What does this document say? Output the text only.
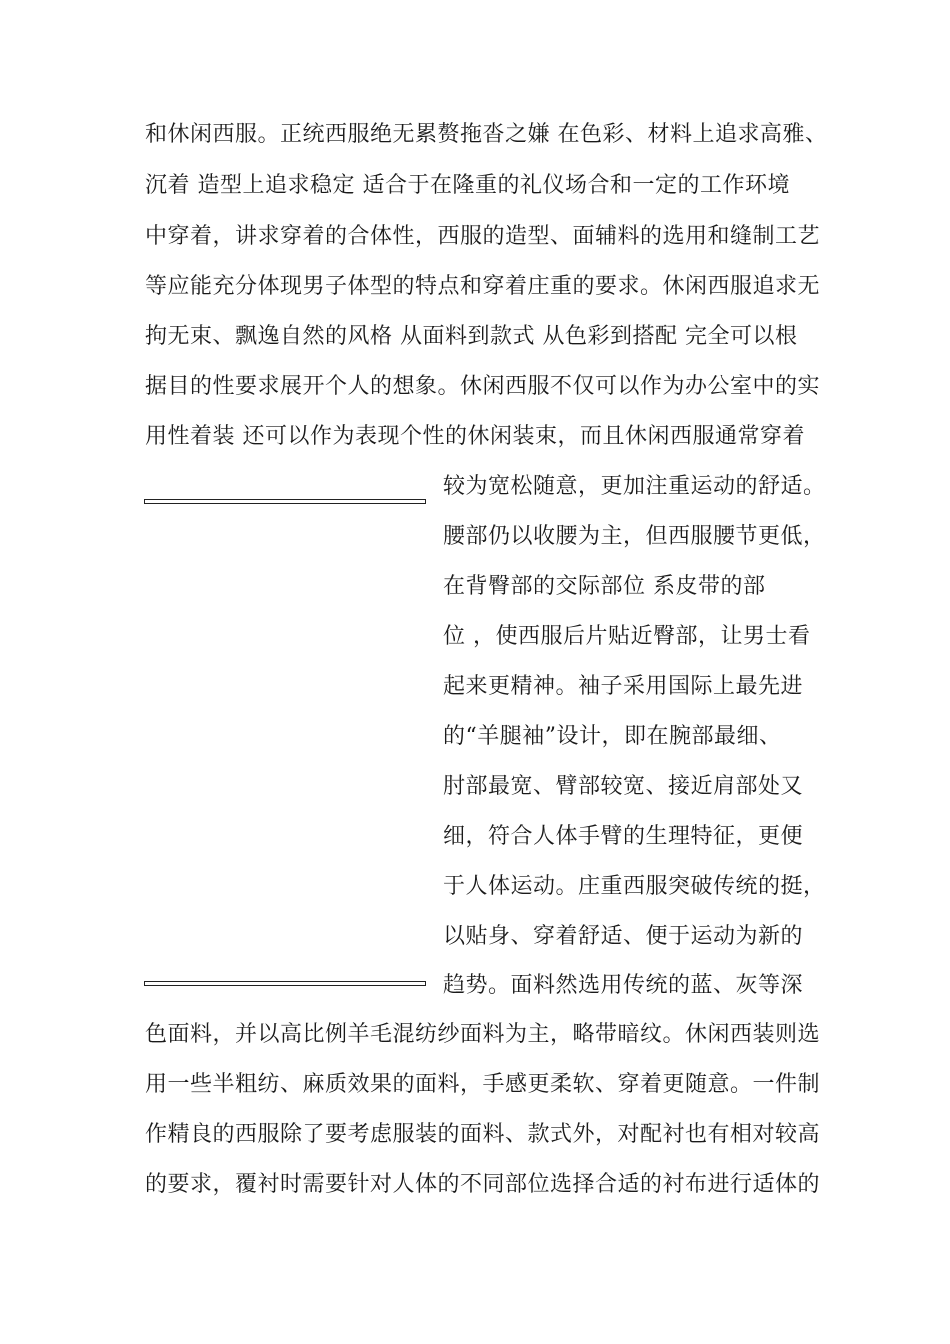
和休闲西服。正统西服绝无累赘拖沓之嫌 在色彩、材料上追求高雅、
沉着 造型上追求稳定 适合于在隆重的礼仪场合和一定的工作环境
中穿着，讲求穿着的合体性，西服的造型、面辅料的选用和缝制工艺
等应能充分体现男子体型的特点和穿着庄重的要求。休闲西服追求无
拘无束、飘逸自然的风格 从面料到款式 从色彩到搭配 完全可以根
据目的性要求展开个人的想象。休闲西服不仅可以作为办公室中的实
用性着装 还可以作为表现个性的休闲装束，而且休闲西服通常穿着
较为宽松随意，更加注重运动的舒适。
腰部仍以收腰为主，但西服腰节更低，
在背臀部的交际部位 系皮带的部
位 ，使西服后片贴近臀部，让男士看
起来更精神。袖子采用国际上最先进
的“羊腿袖”设计，即在腕部最细、
肘部最宽、臂部较宽、接近肩部处又
细，符合人体手臂的生理特征，更便
于人体运动。庄重西服突破传统的挺，
以贴身、穿着舒适、便于运动为新的
趋势。面料然选用传统的蓝、灰等深
色面料，并以高比例羊毛混纺纱面料为主，略带暗纹。休闲西装则选
用一些半粗纺、麻质效果的面料，手感更柔软、穿着更随意。一件制
作精良的西服除了要考虑服装的面料、款式外，对配衬也有相对较高
的要求，覆衬时需要针对人体的不同部位选择合适的衬布进行适体的
